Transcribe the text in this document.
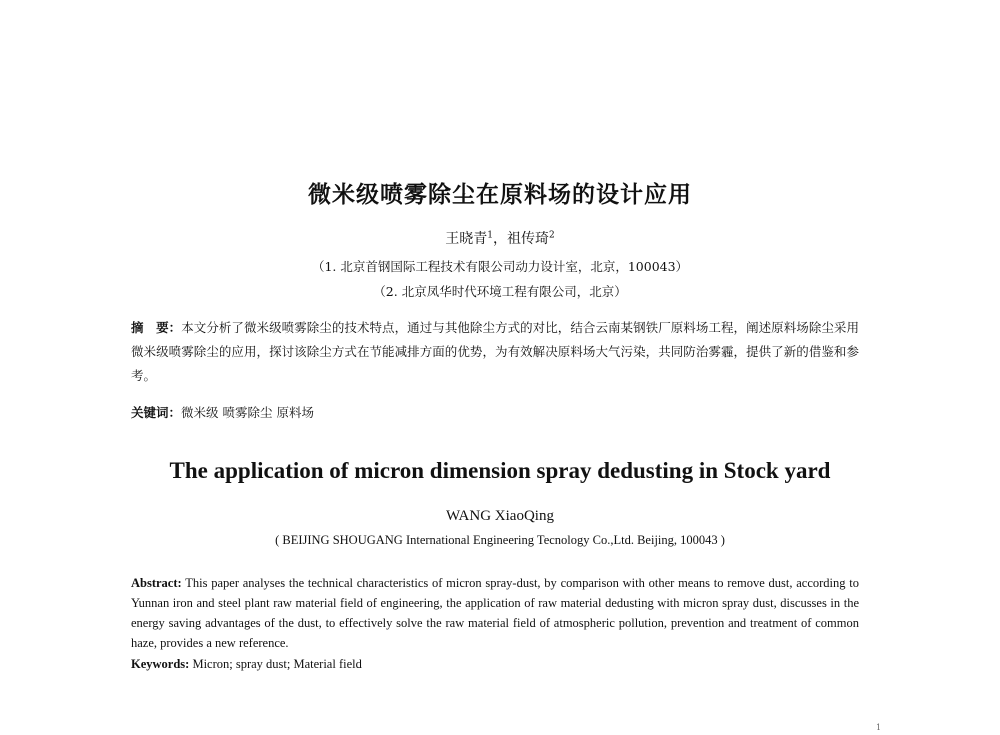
微米级喷雾除尘在原料场的设计应用
王晓青$^1$，祖传琦$^2$
（1. 北京首钢国际工程技术有限公司动力设计室，北京，100043）
（2. 北京凤华时代环境工程有限公司，北京）
摘　要：本文分析了微米级喷雾除尘的技术特点，通过与其他除尘方式的对比，结合云南某钢铁厂原料场工程，阐述原料场除尘采用微米级喷雾除尘的应用，探讨该除尘方式在节能减排方面的优势，为有效解决原料场大气污染，共同防治雾霾，提供了新的借鉴和参考。
关键词：微米级 喷雾除尘 原料场
The application of micron dimension spray dedusting in Stock yard
WANG XiaoQing
( BEIJING SHOUGANG International Engineering Tecnology Co.,Ltd. Beijing, 100043 )
Abstract: This paper analyses the technical characteristics of micron spray-dust, by comparison with other means to remove dust, according to Yunnan iron and steel plant raw material field of engineering, the application of raw material dedusting with micron spray dust, discusses in the energy saving advantages of the dust, to effectively solve the raw material field of atmospheric pollution, prevention and treatment of common haze, provides a new reference.
Keywords: Micron; spray dust; Material field
1
